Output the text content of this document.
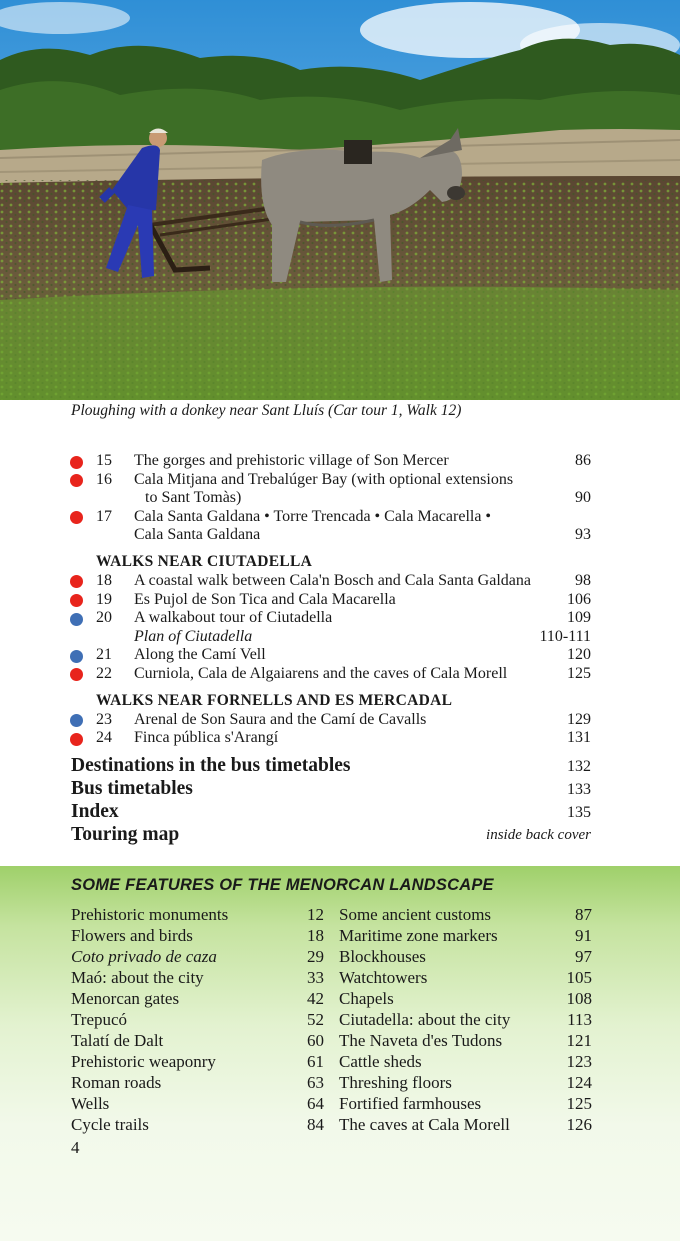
Ploughing with a donkey near Sant Lluís (Car tour 1, Walk 12)
15 The gorges and prehistoric village of Son Mercer	86
16 Cala Mitjana and Trebalúger Bay (with optional extensions
to Sant Tomàs)	90
17 Cala Santa Galdana • Torre Trencada • Cala Macarella •
Cala Santa Galdana	93
WALKS NEAR CIUTADELLA
18 A coastal walk between Cala'n Bosch and Cala Santa Galdana	98
19 Es Pujol de Son Tica and Cala Macarella	106
20 A walkabout tour of Ciutadella	109
Plan of Ciutadella	110-111
21 Along the Camí Vell	120
22 Curniola, Cala de Algaiarens and the caves of Cala Morell	125
WALKS NEAR FORNELLS AND ES MERCADAL
23 Arenal de Son Saura and the Camí de Cavalls	129
24 Finca pública s'Arangí	131
Destinations in the bus timetables	132
Bus timetables	133
Index	135
Touring map	inside back cover
SOME FEATURES OF THE MENORCAN LANDSCAPE
Prehistoric monuments	12
Flowers and birds	18
Coto privado de caza	29
Maó: about the city	33
Menorcan gates	42
Trepucó	52
Talatí de Dalt	60
Prehistoric weaponry	61
Roman roads	63
Wells	64
Cycle trails	84
Some ancient customs	87
Maritime zone markers	91
Blockhouses	97
Watchtowers	105
Chapels	108
Ciutadella: about the city	113
The Naveta d'es Tudons	121
Cattle sheds	123
Threshing floors	124
Fortified farmhouses	125
The caves at Cala Morell	126
4
